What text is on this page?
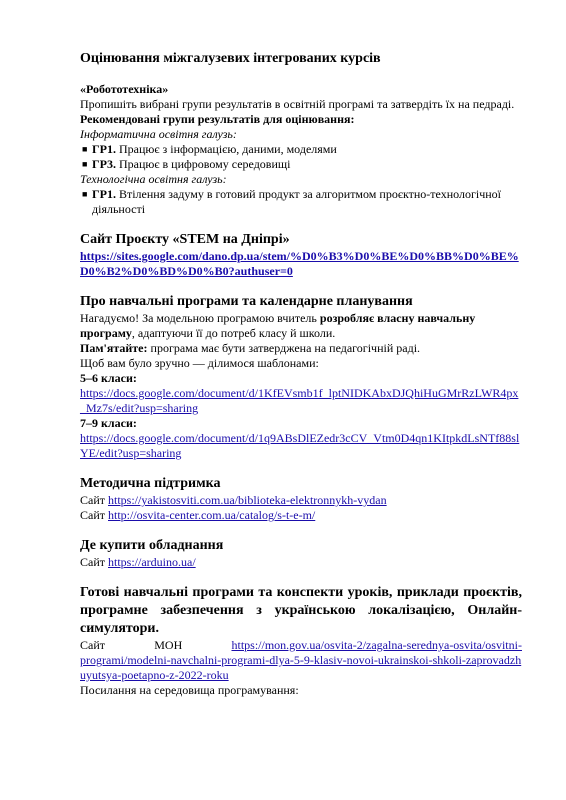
Оцінювання міжгалузевих інтегрованих курсів

«Робототехніка»

Пропишіть вибрані групи результатів в освітній програмі та затвердіть їх на педраді.

Рекомендовані групи результатів для оцінювання:

Інформатична освітня галузь:

■ ГР1. Працює з інформацією, даними, моделями
■ ГР3. Працює в цифровому середовищі

Технологічна освітня галузь:

■ ГР1. Втілення задуму в готовий продукт за алгоритмом проєктно-технологічної діяльності
Сайт Проєкту «STEM на Дніпрі»
https://sites.google.com/dano.dp.ua/stem/%D0%B3%D0%BE%D0%BB%D0%BE%D0%B2%D0%BD%D0%B0?authuser=0
Про навчальні програми та календарне планування

Нагадуємо! За модельною програмою вчитель розробляє власну навчальну програму, адаптуючи її до потреб класу й школи.

Пам'ятайте: програма має бути затверджена на педагогічній раді.

Щоб вам було зручно — ділимося шаблонами:

5–6 класи:

https://docs.google.com/document/d/1KfEVsmb1f_lptNIDKAbxDJQhiHuGMrRzLWR4px_Mz7s/edit?usp=sharing

7–9 класи:

https://docs.google.com/document/d/1q9ABsDlEZedr3cCV_Vtm0D4qn1KItpkdLsNTf88slYE/edit?usp=sharing
Методична підтримка

Сайт https://yakistosviti.com.ua/biblioteka-elektronnykh-vydan

Сайт http://osvita-center.com.ua/catalog/s-t-e-m/

Де купити обладнання

Сайт https://arduino.ua/

Готові навчальні програми та конспекти уроків, приклади проєктів, програмне забезпечення з українською локалізацією, Онлайн-симулятори.
Сайт	МОН	https://mon.gov.ua/osvita-2/zagalna-serednya-osvita/osvitni-
programi/modelni-navchalni-programi-dlya-5-9-klasiv-novoi-ukrainskoi-shkoli-zaprovadzhuyutsya-poetapno-z-2022-roku

Посилання на середовища програмування:
